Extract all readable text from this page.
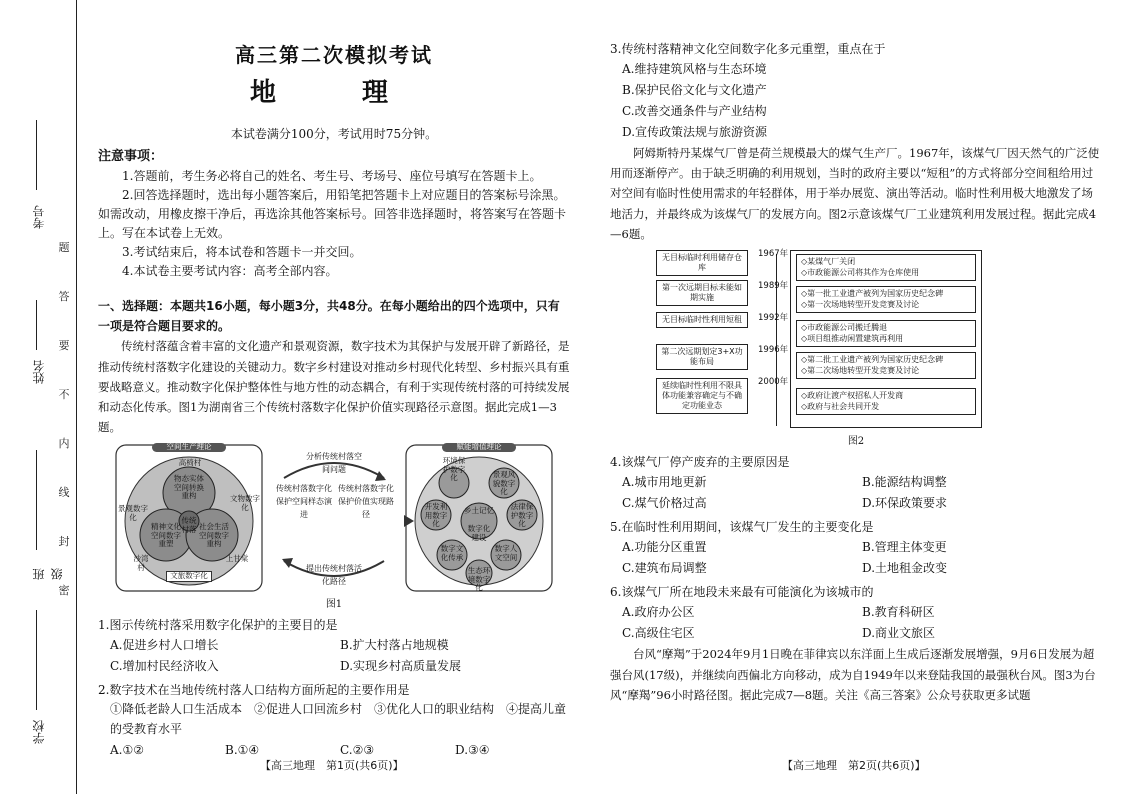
考号
姓名
班级
学校
题
答
要
不
内
线
封
密
高三第二次模拟考试
地　理
本试卷满分100分，考试用时75分钟。
注意事项：
1.答题前，考生务必将自己的姓名、考生号、考场号、座位号填写在答题卡上。
2.回答选择题时，选出每小题答案后，用铅笔把答题卡上对应题目的答案标号涂黑。如需改动，用橡皮擦干净后，再选涂其他答案标号。回答非选择题时，将答案写在答题卡上。写在本试卷上无效。
3.考试结束后，将本试卷和答题卡一并交回。
4.本试卷主要考试内容：高考全部内容。
一、选择题：本题共16小题，每小题3分，共48分。在每小题给出的四个选项中，只有一项是符合题目要求的。
传统村落蕴含着丰富的文化遗产和景观资源，数字技术为其保护与发展开辟了新路径，是推动传统村落数字化建设的关键动力。数字乡村建设对推动乡村现代化转型、乡村振兴具有重要战略意义。推动数字化保护整体性与地方性的动态耦合，有利于实现传统村落的可持续发展和动态化传承。图1为湖南省三个传统村落数字化保护价值实现路径示意图。据此完成1—3题。
空间生产理论	赋能增值理论
高椅村
物态实体空间转换重构
景观数字化
精神文化空间数字重塑
传统村落 社会生活空间数字重构
文物数字化
文旅数字化
沙湾村
上甘棠
环境保护数字化	景观风貌数字化
开发利用数字化
乡土记忆	法律保护数字化
数字文化传承
数字化建设
数字人文空间
生态环境数字化
传统村落数字化保护空间样态演进
传统村落数字化保护价值实现路径
分析传统村落空间问题
提出传统村落活化路径
图1
1.图示传统村落采用数字化保护的主要目的是
A.促进乡村人口增长	B.扩大村落占地规模
C.增加村民经济收入	D.实现乡村高质量发展
2.数字技术在当地传统村落人口结构方面所起的主要作用是
①降低老龄人口生活成本　②促进人口回流乡村　③优化人口的职业结构　④提高儿童的受教育水平
A.①②	B.①④	C.②③	D.③④
【高三地理　第1页(共6页)】
3.传统村落精神文化空间数字化多元重塑，重点在于
A.维持建筑风格与生态环境
B.保护民俗文化与文化遗产
C.改善交通条件与产业结构
D.宣传政策法规与旅游资源
阿姆斯特丹某煤气厂曾是荷兰规模最大的煤气生产厂。1967年，该煤气厂因天然气的广泛使用而逐渐停产。由于缺乏明确的利用规划，当时的政府主要以“短租”的方式将部分空间租给用过对空间有临时性使用需求的年轻群体，用于举办展览、演出等活动。临时性利用极大地激发了场地活力，并最终成为该煤气厂的发展方向。图2示意该煤气厂工业建筑利用发展过程。据此完成4—6题。
无目标临时利用储存仓库
第一次远期目标未能如期实施
无目标临时性利用短租
第二次远期划定3+X功能布局
延续临时性利用不限具体功能兼容确定与不确定功能业态
1967年
1989年
1992年
1996年
2000年
◇某煤气厂关闭
◇市政能源公司将其作为仓库使用
◇第一批工业遗产被列为国家历史纪念碑
◇第一次场地转型开发竞赛及讨论
◇市政能源公司搬迁腾退
◇项目组推动闲置建筑再利用
◇第二批工业遗产被列为国家历史纪念碑
◇第二次场地转型开发竞赛及讨论
◇政府让渡产权招私人开发商
◇政府与社会共同开发
图2
4.该煤气厂停产废弃的主要原因是
A.城市用地更新	B.能源结构调整
C.煤气价格过高	D.环保政策要求
5.在临时性利用期间，该煤气厂发生的主要变化是
A.功能分区重置	B.管理主体变更
C.建筑布局调整	D.土地租金改变
6.该煤气厂所在地段未来最有可能演化为该城市的
A.政府办公区	B.教育科研区
C.高级住宅区	D.商业文旅区
台风“摩羯”于2024年9月1日晚在菲律宾以东洋面上生成后逐渐发展增强，9月6日发展为超强台风(17级)，并继续向西偏北方向移动，成为自1949年以来登陆我国的最强秋台风。图3为台风“摩羯”96小时路径图。据此完成7—8题。关注《高三答案》公众号获取更多试题
【高三地理　第2页(共6页)】
